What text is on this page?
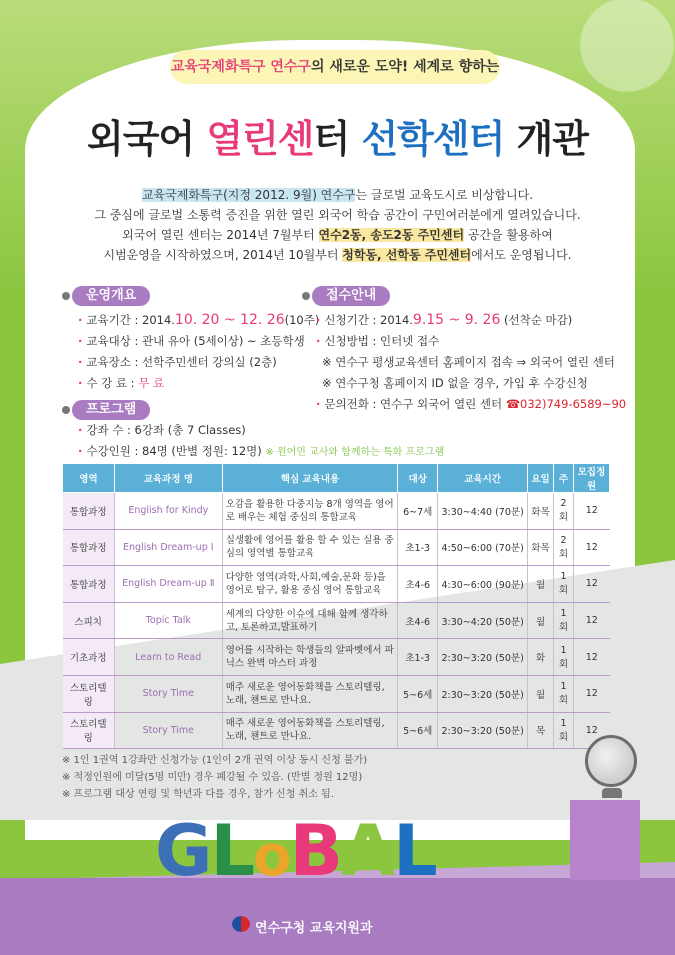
교육국제화특구 연수구의 새로운 도약! 세계로 향하는
외국어 열린센터 선학센터 개관
교육국제화특구(지정 2012. 9월) 연수구는 글로벌 교육도시로 비상합니다.
그 중심에 글로벌 소통력 증진을 위한 열린 외국어 학습 공간이 구민여러분에게 열려있습니다.
외국어 열린 센터는 2014년 7월부터 연수2동, 송도2동 주민센터 공간을 활용하여
시범운영을 시작하였으며, 2014년 10월부터 청학동, 선학동 주민센터에서도 운영됩니다.
운영개요
· 교육기간 : 2014.10. 20 ~ 12. 26(10주)
· 교육대상 : 관내 유아 (5세이상) ~ 초등학생
· 교육장소 : 선학주민센터 강의실 (2층)
· 수 강 료 : 무 료
접수안내
· 신청기간 : 2014.9.15 ~ 9. 26 (선착순 마감)
· 신청방법 : 인터넷 접수
※ 연수구 평생교육센터 홈페이지 접속 ⇒ 외국어 열린 센터
※ 연수구청 홈페이지 ID 없을 경우, 가입 후 수강신청
· 문의전화 : 연수구 외국어 열린 센터 ☎032)749-6589~90
프로그램
· 강좌 수 : 6강좌 (총 7 Classes)
· 수강인원 : 84명 (반별 정원: 12명) ※ 원어민 교사와 함께하는 특화 프로그램
영역	교육과정 명	핵심 교육내용	대상	교육시간	요일	주	모집정원
통합과정	English for Kindy	오감을 활용한 다중지능 8개 영역을 영어로 배우는 체험 중심의 통합교육	6~7세	3:30~4:40 (70분)	화목	2회	12
통합과정	English Dream-up Ⅰ	실생활에 영어를 활용 할 수 있는 실용 중심의 영역별 통합교육	초1-3	4:50~6:00 (70분)	화목	2회	12
통합과정	English Dream-up Ⅱ	다양한 영역(과학,사회,예술,문화 등)을 영어로 탐구, 활용 중심 영어 통합교육	초4-6	4:30~6:00 (90분)	월	1회	12
스피치	Topic Talk	세계의 다양한 이슈에 대해 함께 생각하고, 토론하고,발표하기	초4-6	3:30~4:20 (50분)	월	1회	12
기초과정	Learn to Read	영어를 시작하는 학생들의 알파벳에서 파닉스 완벽 마스터 과정	초1-3	2:30~3:20 (50분)	화	1회	12
스토리텔링	Story Time	매주 새로운 영어동화책을 스토리텔링, 노래, 챈트로 만나요.	5~6세	2:30~3:20 (50분)	월	1회	12
스토리텔링	Story Time	매주 새로운 영어동화책을 스토리텔링, 노래, 챈트로 만나요.	5~6세	2:30~3:20 (50분)	목	1회	12
※ 1인 1권역 1강좌만 신청가능 (1인이 2개 권역 이상 동시 신청 불가)
※ 적정인원에 미달(5명 미만) 경우 폐강될 수 있음. (반별 정원 12명)
※ 프로그램 대상 연령 및 학년과 다를 경우, 참가 신청 취소 됨.
GLoBAL
연수구청 교육지원과
